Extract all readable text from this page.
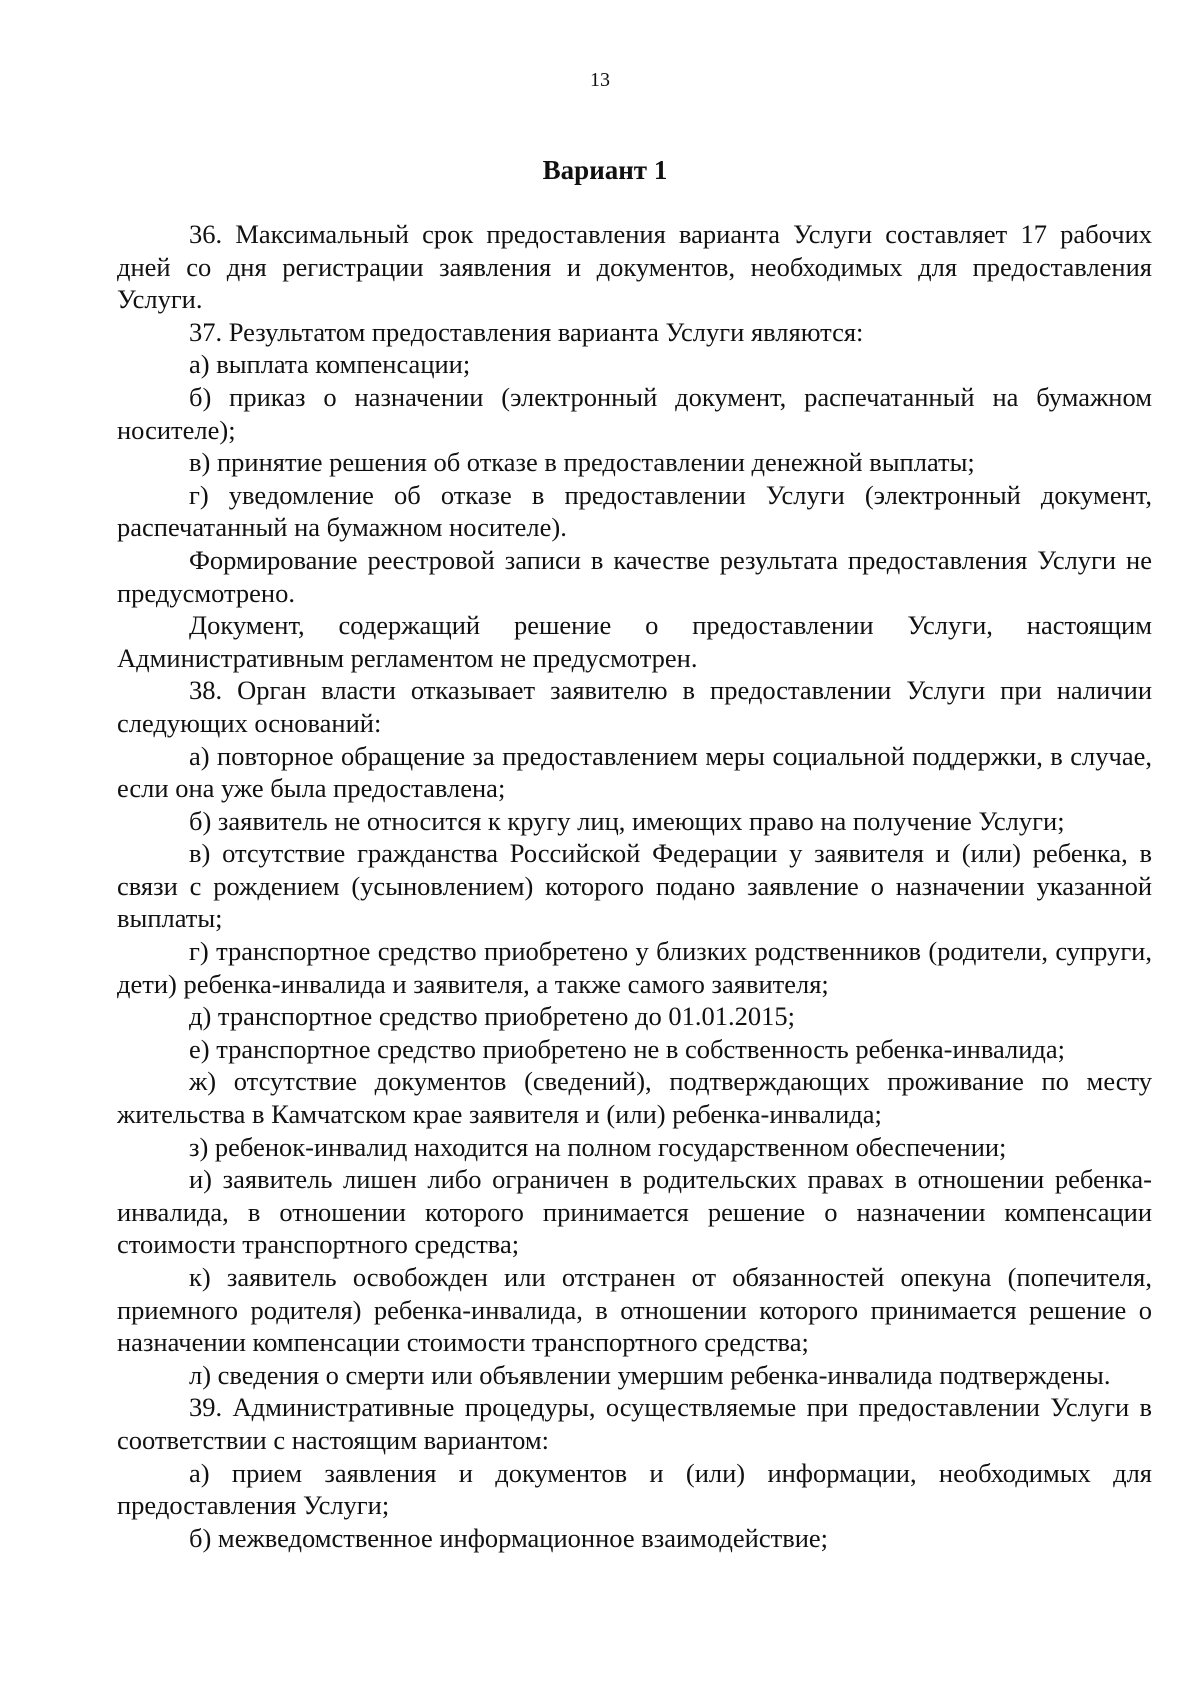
13
Вариант 1

36. Максимальный срок предоставления варианта Услуги составляет 17 рабочих дней со дня регистрации заявления и документов, необходимых для предоставления Услуги.

37. Результатом предоставления варианта Услуги являются:

а) выплата компенсации;

б) приказ о назначении (электронный документ, распечатанный на бумажном носителе);

в) принятие решения об отказе в предоставлении денежной выплаты;

г) уведомление об отказе в предоставлении Услуги (электронный документ, распечатанный на бумажном носителе).

Формирование реестровой записи в качестве результата предоставления Услуги не предусмотрено.

Документ, содержащий решение о предоставлении Услуги, настоящим Административным регламентом не предусмотрен.

38. Орган власти отказывает заявителю в предоставлении Услуги при наличии следующих оснований:

а) повторное обращение за предоставлением меры социальной поддержки, в случае, если она уже была предоставлена;

б) заявитель не относится к кругу лиц, имеющих право на получение Услуги;

в) отсутствие гражданства Российской Федерации у заявителя и (или) ребенка, в связи с рождением (усыновлением) которого подано заявление о назначении указанной выплаты;

г) транспортное средство приобретено у близких родственников (родители, супруги, дети) ребенка-инвалида и заявителя, а также самого заявителя;

д) транспортное средство приобретено до 01.01.2015;

е) транспортное средство приобретено не в собственность ребенка-инвалида;

ж) отсутствие документов (сведений), подтверждающих проживание по месту жительства в Камчатском крае заявителя и (или) ребенка-инвалида;

з) ребенок-инвалид находится на полном государственном обеспечении;

и) заявитель лишен либо ограничен в родительских правах в отношении ребенка-инвалида, в отношении которого принимается решение о назначении компенсации стоимости транспортного средства;

к) заявитель освобожден или отстранен от обязанностей опекуна (попечителя, приемного родителя) ребенка-инвалида, в отношении которого принимается решение о назначении компенсации стоимости транспортного средства;

л) сведения о смерти или объявлении умершим ребенка-инвалида подтверждены.

39. Административные процедуры, осуществляемые при предоставлении Услуги в соответствии с настоящим вариантом:

а) прием заявления и документов и (или) информации, необходимых для предоставления Услуги;

б) межведомственное информационное взаимодействие;
